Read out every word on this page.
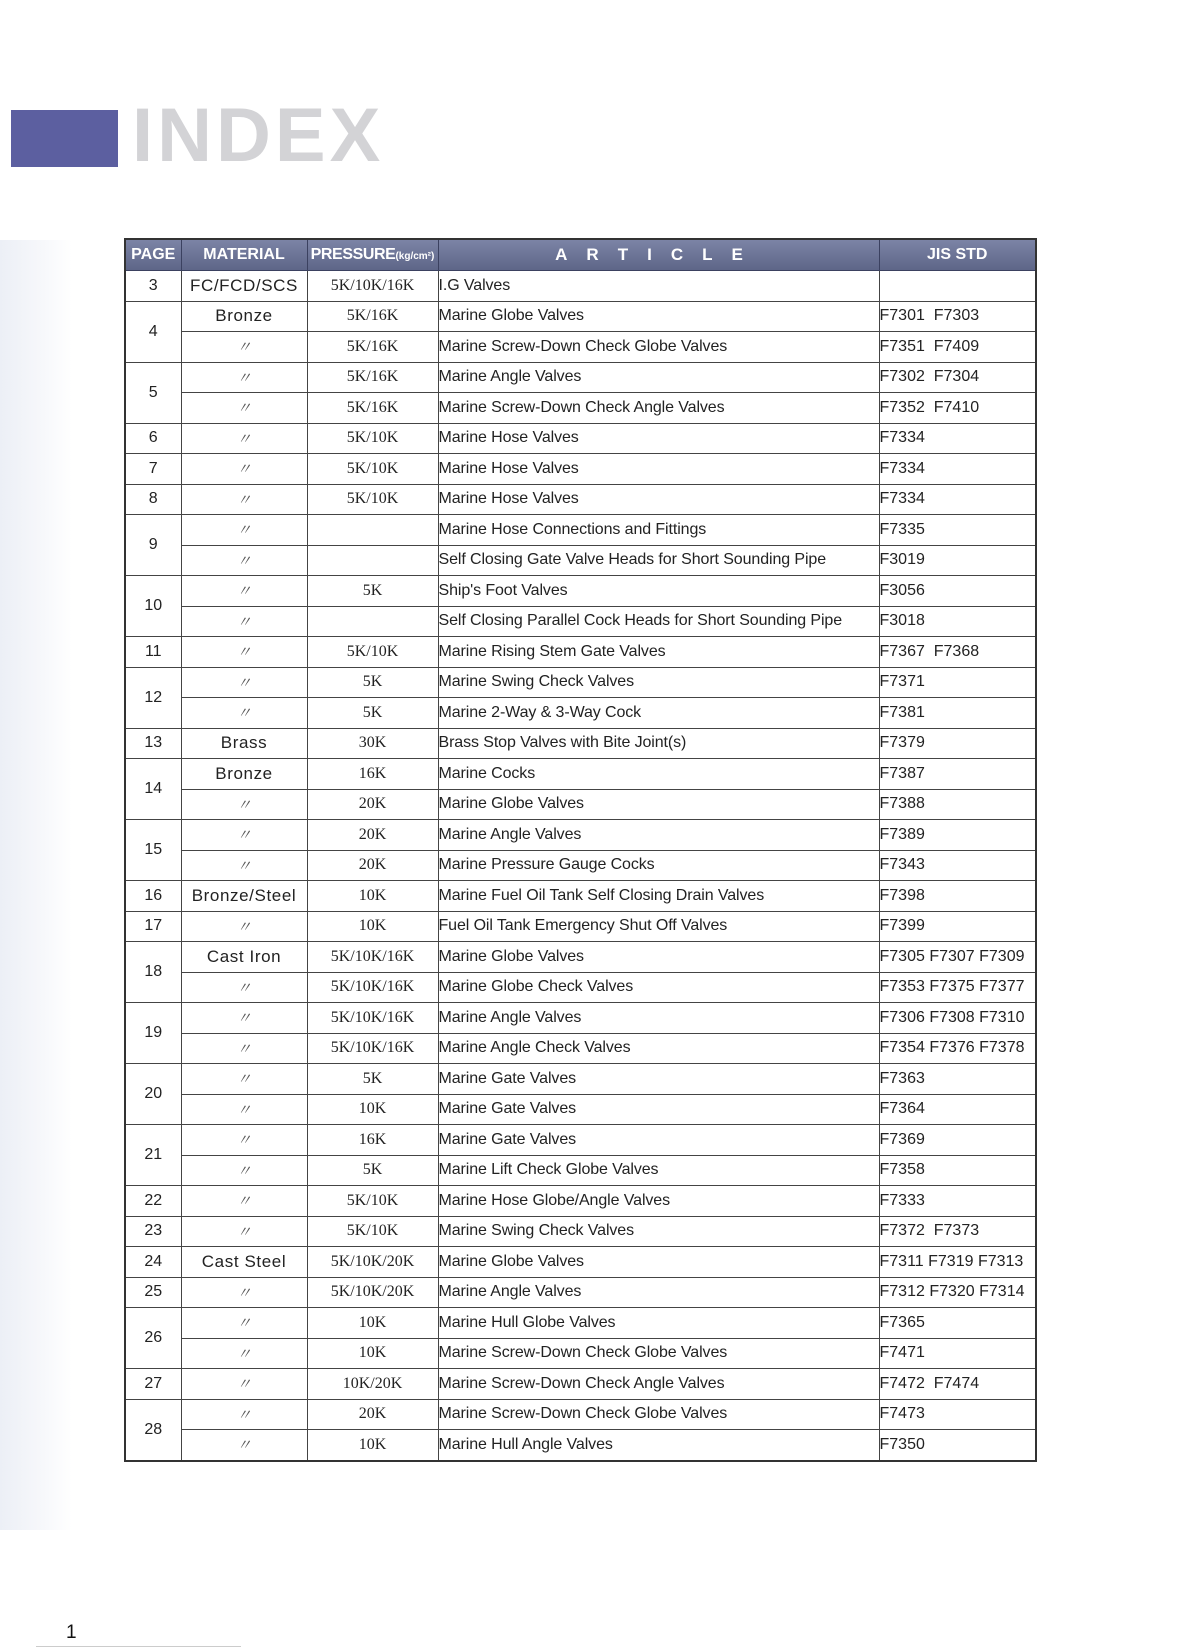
INDEX
PAGE	MATERIAL	PRESSURE(kg/cm²)	ARTICLE	JIS STD
3	FC/FCD/SCS	5K/10K/16K	I.G Valves	
4	Bronze	5K/16K	Marine Globe Valves	F7301  F7303
	〃	5K/16K	Marine Screw-Down Check Globe Valves	F7351  F7409
5	〃	5K/16K	Marine Angle Valves	F7302  F7304
	〃	5K/16K	Marine Screw-Down Check Angle Valves	F7352  F7410
6	〃	5K/10K	Marine Hose Valves	F7334
7	〃	5K/10K	Marine Hose Valves	F7334
8	〃	5K/10K	Marine Hose Valves	F7334
9	〃		Marine Hose Connections and Fittings	F7335
	〃		Self Closing Gate Valve Heads for Short Sounding Pipe	F3019
10	〃	5K	Ship's Foot Valves	F3056
	〃		Self Closing Parallel Cock Heads for Short Sounding Pipe	F3018
11	〃	5K/10K	Marine Rising Stem Gate Valves	F7367  F7368
12	〃	5K	Marine Swing Check Valves	F7371
	〃	5K	Marine 2-Way & 3-Way Cock	F7381
13	Brass	30K	Brass Stop Valves with Bite Joint(s)	F7379
14	Bronze	16K	Marine Cocks	F7387
	〃	20K	Marine Globe Valves	F7388
15	〃	20K	Marine Angle Valves	F7389
	〃	20K	Marine Pressure Gauge Cocks	F7343
16	Bronze/Steel	10K	Marine Fuel Oil Tank Self Closing Drain Valves	F7398
17	〃	10K	Fuel Oil Tank Emergency Shut Off Valves	F7399
18	Cast Iron	5K/10K/16K	Marine Globe Valves	F7305 F7307 F7309
	〃	5K/10K/16K	Marine Globe Check Valves	F7353 F7375 F7377
19	〃	5K/10K/16K	Marine Angle Valves	F7306 F7308 F7310
	〃	5K/10K/16K	Marine Angle Check Valves	F7354 F7376 F7378
20	〃	5K	Marine Gate Valves	F7363
	〃	10K	Marine Gate Valves	F7364
21	〃	16K	Marine Gate Valves	F7369
	〃	5K	Marine Lift Check Globe Valves	F7358
22	〃	5K/10K	Marine Hose Globe/Angle Valves	F7333
23	〃	5K/10K	Marine Swing Check Valves	F7372  F7373
24	Cast Steel	5K/10K/20K	Marine Globe Valves	F7311 F7319 F7313
25	〃	5K/10K/20K	Marine Angle Valves	F7312 F7320 F7314
26	〃	10K	Marine Hull Globe Valves	F7365
	〃	10K	Marine Screw-Down Check Globe Valves	F7471
27	〃	10K/20K	Marine Screw-Down Check Angle Valves	F7472  F7474
28	〃	20K	Marine Screw-Down Check Globe Valves	F7473
	〃	10K	Marine Hull Angle Valves	F7350
1
